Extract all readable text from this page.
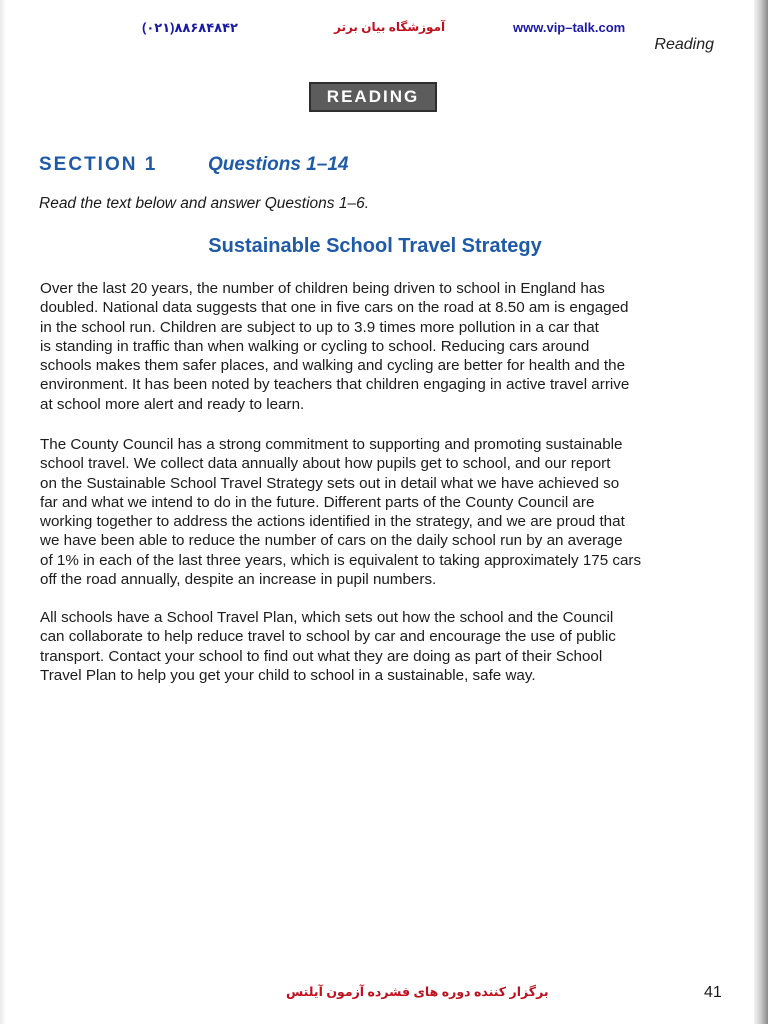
(۰۲۱)۸۸۶۸۴۸۴۲	آموزشگاه بیان برتر	www.vip–talk.com
Reading
READING
SECTION 1	Questions 1–14
Read the text below and answer Questions 1–6.
Sustainable School Travel Strategy
Over the last 20 years, the number of children being driven to school in England has
doubled. National data suggests that one in five cars on the road at 8.50 am is engaged
in the school run. Children are subject to up to 3.9 times more pollution in a car that
is standing in traffic than when walking or cycling to school. Reducing cars around
schools makes them safer places, and walking and cycling are better for health and the
environment. It has been noted by teachers that children engaging in active travel arrive
at school more alert and ready to learn.
The County Council has a strong commitment to supporting and promoting sustainable
school travel. We collect data annually about how pupils get to school, and our report
on the Sustainable School Travel Strategy sets out in detail what we have achieved so
far and what we intend to do in the future. Different parts of the County Council are
working together to address the actions identified in the strategy, and we are proud that
we have been able to reduce the number of cars on the daily school run by an average
of 1% in each of the last three years, which is equivalent to taking approximately 175 cars
off the road annually, despite an increase in pupil numbers.
All schools have a School Travel Plan, which sets out how the school and the Council
can collaborate to help reduce travel to school by car and encourage the use of public
transport. Contact your school to find out what they are doing as part of their School
Travel Plan to help you get your child to school in a sustainable, safe way.
برگزار کننده دوره های فشرده آزمون آیلتس	41
